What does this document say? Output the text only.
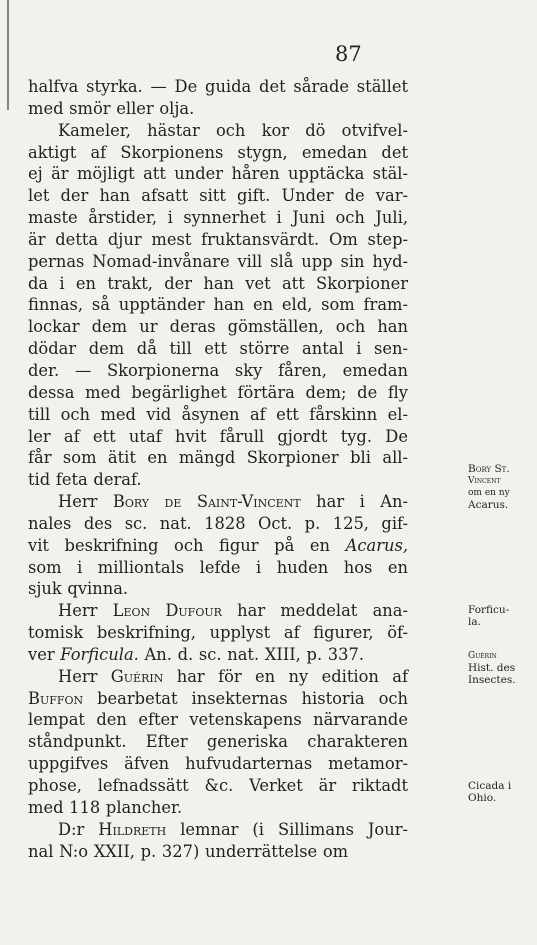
87
halfva styrka. — De guida det sårade stället
med smör eller olja.
Kameler, hästar och kor dö otvifvel-
aktigt af Skorpionens stygn, emedan det
ej är möjligt att under håren upptäcka stäl-
let der han afsatt sitt gift. Under de var-
maste årstider, i synnerhet i Juni och Juli,
är detta djur mest fruktansvärdt. Om step-
pernas Nomad-invånare vill slå upp sin hyd-
da i en trakt, der han vet att Skorpioner
finnas, så upptänder han en eld, som fram-
lockar dem ur deras gömställen, och han
dödar dem då till ett större antal i sen-
der. — Skorpionerna sky fåren, emedan
dessa med begärlighet förtära dem; de fly
till och med vid åsynen af ett fårskinn el-
ler af ett utaf hvit fårull gjordt tyg. De
får som ätit en mängd Skorpioner bli all-
tid feta deraf.
Herr Bory de Saint-Vincent har i An-
nales des sc. nat. 1828 Oct. p. 125, gif-
vit beskrifning och figur på en Acarus,
som i milliontals lefde i huden hos en
sjuk qvinna.
Herr Leon Dufour har meddelat ana-
tomisk beskrifning, upplyst af figurer, öf-
ver Forficula. An. d. sc. nat. XIII, p. 337.
Herr Guérin har för en ny edition af
Buffon bearbetat insekternas historia och
lempat den efter vetenskapens närvarande
ståndpunkt. Efter generiska charakteren
uppgifves äfven hufvudarternas metamor-
phose, lefnadssätt &c. Verket är riktadt
med 118 plancher.
D:r Hildreth lemnar (i Sillimans Jour-
nal N:o XXII, p. 327) underrättelse om
Bory St.
Vincent
om en ny
Acarus.
Forficu-
la.
Guérin
Hist. des
Insectes.
Cicada i
Ohio.
